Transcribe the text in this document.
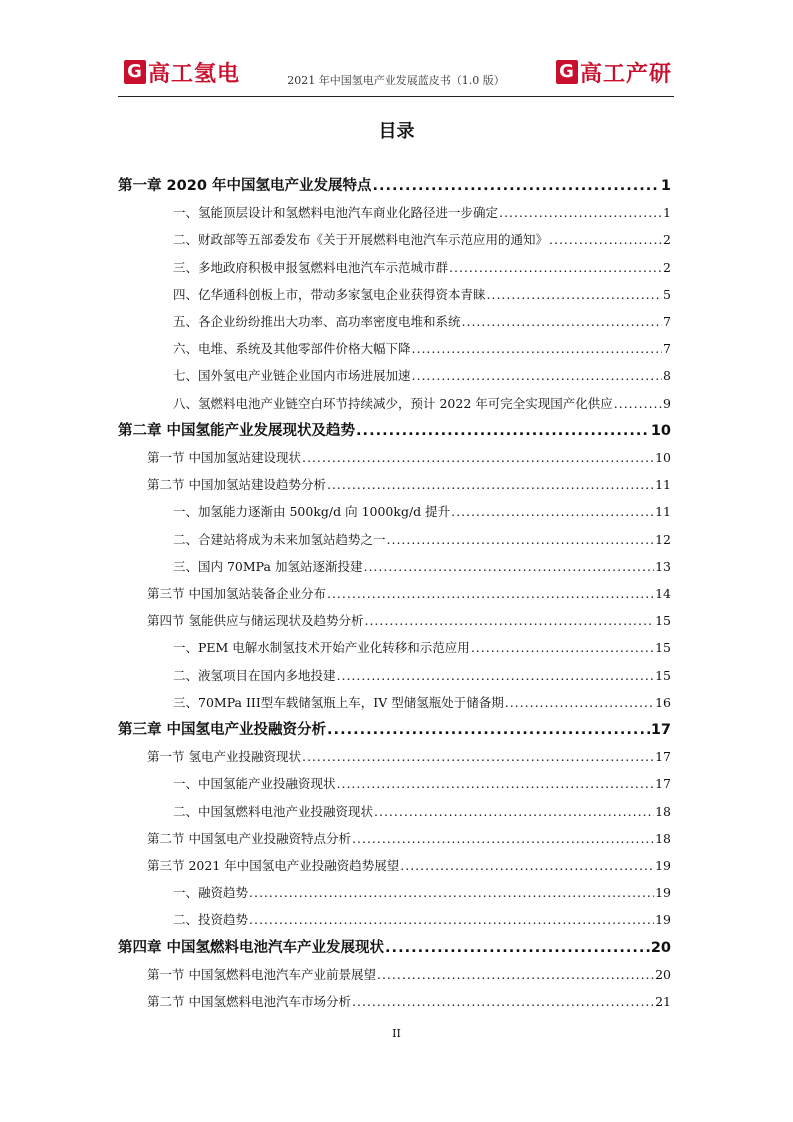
G 高工氢电	2021 年中国氢电产业发展蓝皮书（1.0 版）	G 高工产研
目录
第一章 2020 年中国氢电产业发展特点 .....	1
一、氢能顶层设计和氢燃料电池汽车商业化路径进一步确定 .....	1
二、财政部等五部委发布《关于开展燃料电池汽车示范应用的通知》 .....	2
三、多地政府积极申报氢燃料电池汽车示范城市群 .....	2
四、亿华通科创板上市，带动多家氢电企业获得资本青睐 .....	5
五、各企业纷纷推出大功率、高功率密度电堆和系统 .....	7
六、电堆、系统及其他零部件价格大幅下降 .....	7
七、国外氢电产业链企业国内市场进展加速 .....	8
八、氢燃料电池产业链空白环节持续减少，预计 2022 年可完全实现国产化供应 .....	9
第二章 中国氢能产业发展现状及趋势 .....	10
第一节 中国加氢站建设现状 .....	10
第二节 中国加氢站建设趋势分析 .....	11
一、加氢能力逐渐由 500kg/d 向 1000kg/d 提升 .....	11
二、合建站将成为未来加氢站趋势之一 .....	12
三、国内 70MPa 加氢站逐渐投建 .....	13
第三节 中国加氢站装备企业分布 .....	14
第四节 氢能供应与储运现状及趋势分析 .....	15
一、PEM 电解水制氢技术开始产业化转移和示范应用 .....	15
二、液氢项目在国内多地投建 .....	15
三、70MPa III型车载储氢瓶上车，IV 型储氢瓶处于储备期 .....	16
第三章 中国氢电产业投融资分析 .....	17
第一节 氢电产业投融资现状 .....	17
一、中国氢能产业投融资现状 .....	17
二、中国氢燃料电池产业投融资现状 .....	18
第二节 中国氢电产业投融资特点分析 .....	18
第三节 2021 年中国氢电产业投融资趋势展望 .....	19
一、融资趋势 .....	19
二、投资趋势 .....	19
第四章 中国氢燃料电池汽车产业发展现状 .....	20
第一节 中国氢燃料电池汽车产业前景展望 .....	20
第二节 中国氢燃料电池汽车市场分析 .....	21
II
